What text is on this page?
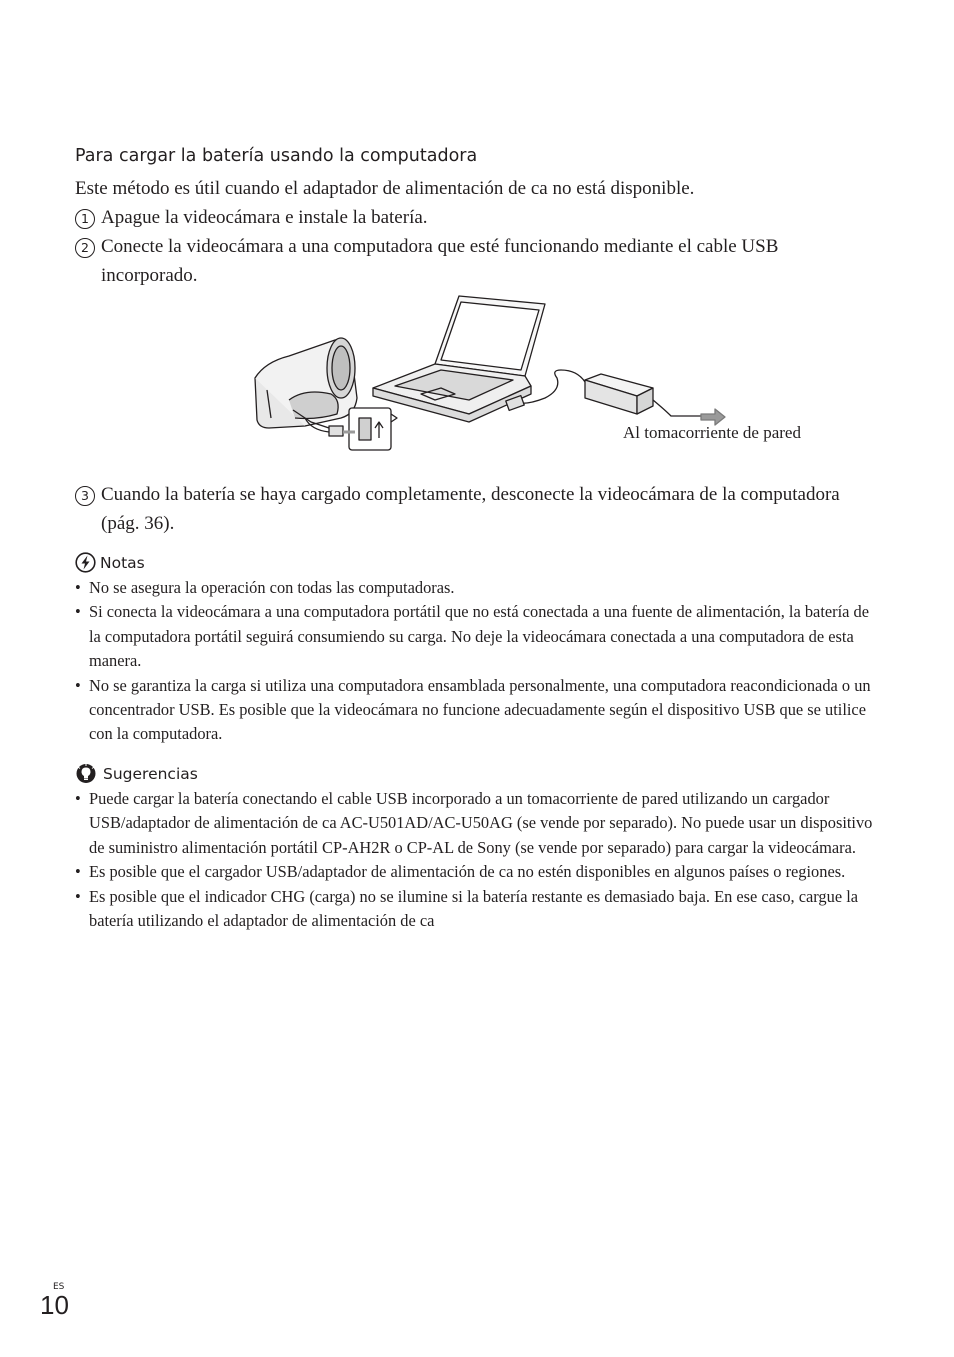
Para cargar la batería usando la computadora
Este método es útil cuando el adaptador de alimentación de ca no está disponible.
1 Apague la videocámara e instale la batería.
2 Conecte la videocámara a una computadora que esté funcionando mediante el cable USB incorporado.
Al tomacorriente de pared
3 Cuando la batería se haya cargado completamente, desconecte la videocámara de la computadora (pág. 36).
Notas
• No se asegura la operación con todas las computadoras.
• Si conecta la videocámara a una computadora portátil que no está conectada a una fuente de alimentación, la batería de la computadora portátil seguirá consumiendo su carga. No deje la videocámara conectada a una computadora de esta manera.
• No se garantiza la carga si utiliza una computadora ensamblada personalmente, una computadora reacondicionada o un concentrador USB. Es posible que la videocámara no funcione adecuadamente según el dispositivo USB que se utilice con la computadora.
Sugerencias
• Puede cargar la batería conectando el cable USB incorporado a un tomacorriente de pared utilizando un cargador USB/adaptador de alimentación de ca AC-U501AD/AC-U50AG (se vende por separado). No puede usar un dispositivo de suministro alimentación portátil CP-AH2R o CP-AL de Sony (se vende por separado) para cargar la videocámara.
• Es posible que el cargador USB/adaptador de alimentación de ca no estén disponibles en algunos países o regiones.
• Es posible que el indicador CHG (carga) no se ilumine si la batería restante es demasiado baja. En ese caso, cargue la batería utilizando el adaptador de alimentación de ca
ES
10
